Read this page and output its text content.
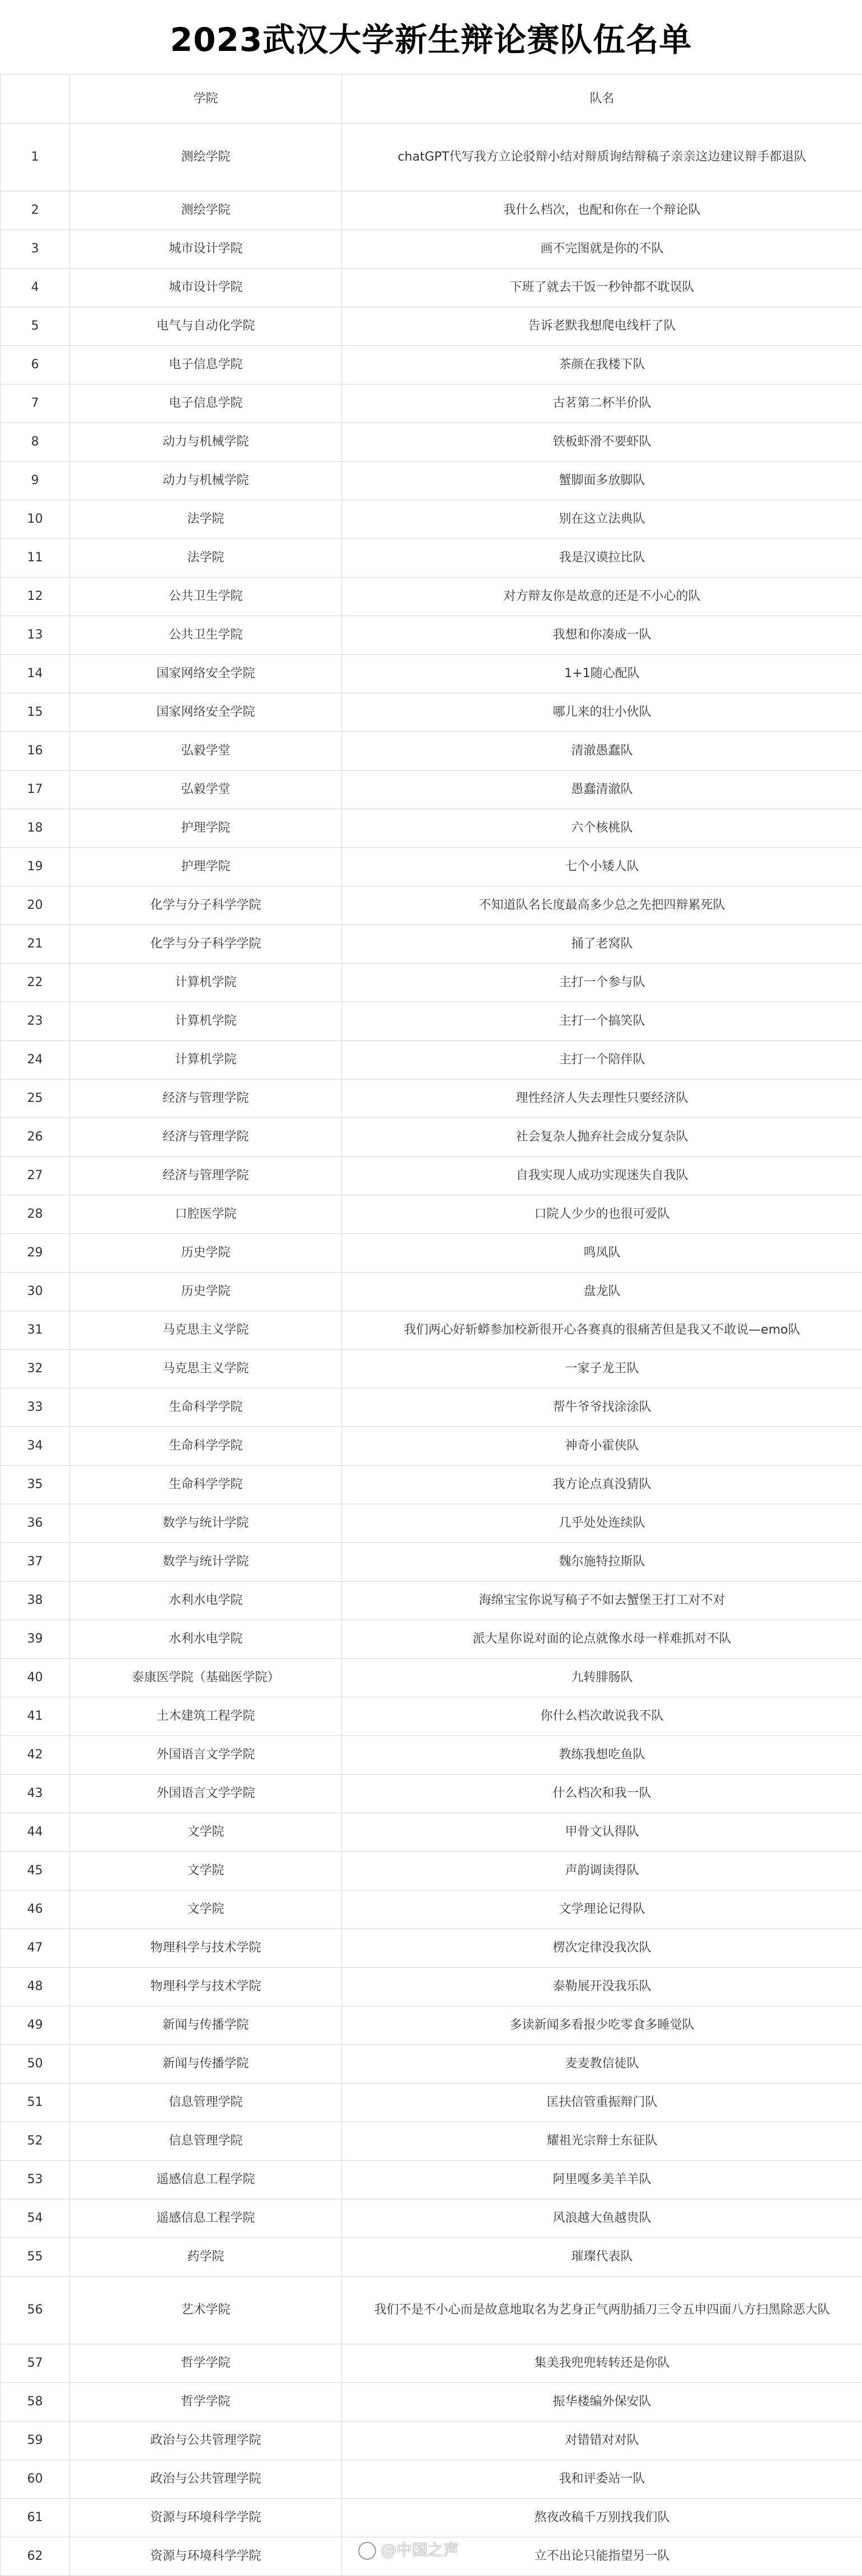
2023武汉大学新生辩论赛队伍名单
	学院	队名
1	测绘学院	chatGPT代写我方立论驳辩小结对辩质询结辩稿子亲亲这边建议辩手都退队
2	测绘学院	我什么档次，也配和你在一个辩论队
3	城市设计学院	画不完图就是你的不队
4	城市设计学院	下班了就去干饭一秒钟都不耽误队
5	电气与自动化学院	告诉老默我想爬电线杆了队
6	电子信息学院	茶颜在我楼下队
7	电子信息学院	古茗第二杯半价队
8	动力与机械学院	铁板虾滑不要虾队
9	动力与机械学院	蟹脚面多放脚队
10	法学院	别在这立法典队
11	法学院	我是汉谟拉比队
12	公共卫生学院	对方辩友你是故意的还是不小心的队
13	公共卫生学院	我想和你凑成一队
14	国家网络安全学院	1+1随心配队
15	国家网络安全学院	哪儿来的壮小伙队
16	弘毅学堂	清澈愚蠢队
17	弘毅学堂	愚蠢清澈队
18	护理学院	六个核桃队
19	护理学院	七个小矮人队
20	化学与分子科学学院	不知道队名长度最高多少总之先把四辩累死队
21	化学与分子科学学院	捅了老窝队
22	计算机学院	主打一个参与队
23	计算机学院	主打一个搞笑队
24	计算机学院	主打一个陪伴队
25	经济与管理学院	理性经济人失去理性只要经济队
26	经济与管理学院	社会复杂人抛弃社会成分复杂队
27	经济与管理学院	自我实现人成功实现迷失自我队
28	口腔医学院	口院人少少的也很可爱队
29	历史学院	鸣凤队
30	历史学院	盘龙队
31	马克思主义学院	我们两心好斩蟒参加校新很开心各赛真的很痛苦但是我又不敢说—emo队
32	马克思主义学院	一家子龙王队
33	生命科学学院	帮牛爷爷找涂涂队
34	生命科学学院	神奇小霍侠队
35	生命科学学院	我方论点真没猜队
36	数学与统计学院	几乎处处连续队
37	数学与统计学院	魏尔施特拉斯队
38	水利水电学院	海绵宝宝你说写稿子不如去蟹堡王打工对不对
39	水利水电学院	派大星你说对面的论点就像水母一样难抓对不队
40	泰康医学院（基础医学院）	九转腓肠队
41	土木建筑工程学院	你什么档次敢说我不队
42	外国语言文学学院	教练我想吃鱼队
43	外国语言文学学院	什么档次和我一队
44	文学院	甲骨文认得队
45	文学院	声韵调读得队
46	文学院	文学理论记得队
47	物理科学与技术学院	楞次定律没我次队
48	物理科学与技术学院	泰勒展开没我乐队
49	新闻与传播学院	多读新闻多看报少吃零食多睡觉队
50	新闻与传播学院	麦麦教信徒队
51	信息管理学院	匡扶信管重振辩门队
52	信息管理学院	耀祖光宗辩士东征队
53	遥感信息工程学院	阿里嘎多美羊羊队
54	遥感信息工程学院	风浪越大鱼越贵队
55	药学院	璀璨代表队
56	艺术学院	我们不是不小心而是故意地取名为艺身正气两肋插刀三令五申四面八方扫黑除恶大队
57	哲学学院	集美我兜兜转转还是你队
58	哲学学院	振华楼编外保安队
59	政治与公共管理学院	对错错对对队
60	政治与公共管理学院	我和评委站一队
61	资源与环境科学学院	熬夜改稿千万别找我们队
62	资源与环境科学学院	立不出论只能指望另一队
@中国之声
